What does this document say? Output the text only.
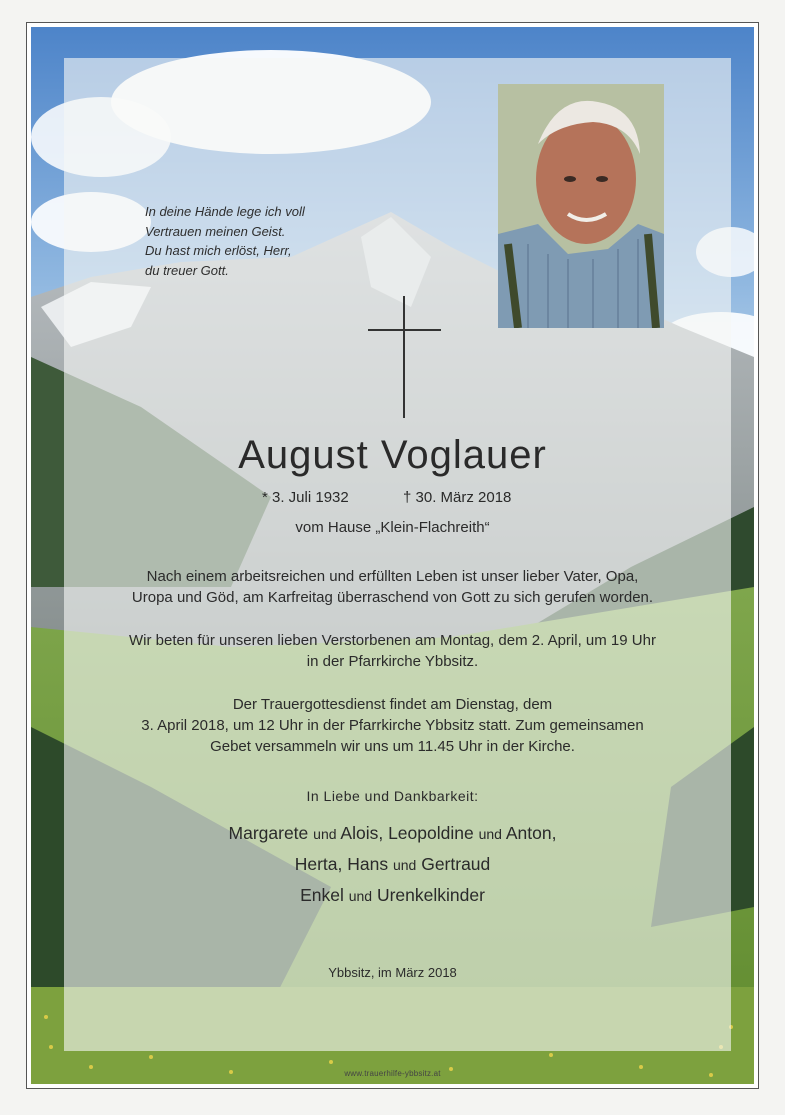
In deine Hände lege ich voll
Vertrauen meinen Geist.
Du hast mich erlöst, Herr,
du treuer Gott.
August Voglauer
* 3. Juli 1932	† 30. März 2018
vom Hause „Klein-Flachreith“
Nach einem arbeitsreichen und erfüllten Leben ist unser lieber Vater, Opa,
Uropa und Göd, am Karfreitag überraschend von Gott zu sich gerufen worden.
Wir beten für unseren lieben Verstorbenen am Montag, dem 2. April, um 19 Uhr
in der Pfarrkirche Ybbsitz.
Der Trauergottesdienst findet am Dienstag, dem
3. April 2018, um 12 Uhr in der Pfarrkirche Ybbsitz statt. Zum gemeinsamen
Gebet versammeln wir uns um 11.45 Uhr in der Kirche.
In Liebe und Dankbarkeit:
Margarete und Alois, Leopoldine und Anton,
Herta, Hans und Gertraud
Enkel und Urenkelkinder
Ybbsitz, im März 2018
www.trauerhilfe-ybbsitz.at
